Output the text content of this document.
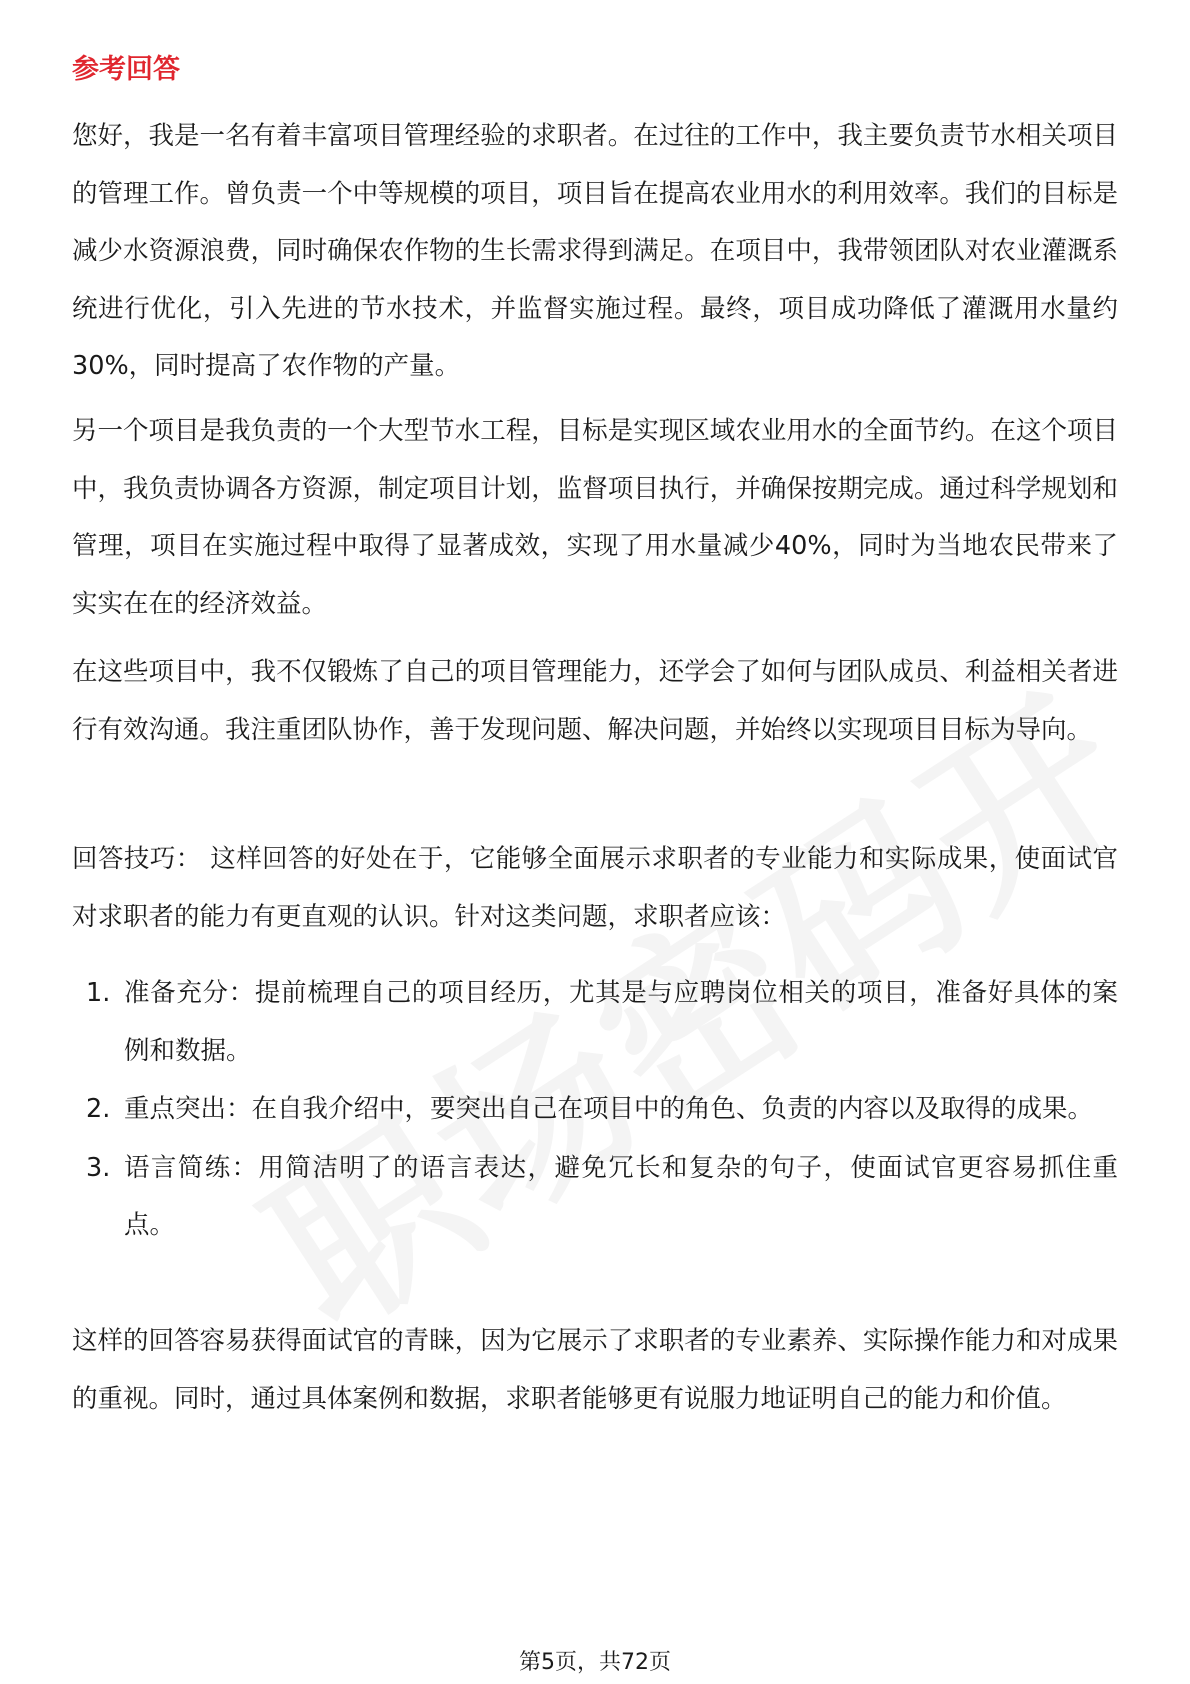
参考回答

您好，我是一名有着丰富项目管理经验的求职者。在过往的工作中，我主要负责节水相关项目的管理工作。曾负责一个中等规模的项目，项目旨在提高农业用水的利用效率。我们的目标是减少水资源浪费，同时确保农作物的生长需求得到满足。在项目中，我带领团队对农业灌溉系统进行优化，引入先进的节水技术，并监督实施过程。最终，项目成功降低了灌溉用水量约30%，同时提高了农作物的产量。

另一个项目是我负责的一个大型节水工程，目标是实现区域农业用水的全面节约。在这个项目中，我负责协调各方资源，制定项目计划，监督项目执行，并确保按期完成。通过科学规划和管理，项目在实施过程中取得了显著成效，实现了用水量减少40%，同时为当地农民带来了实实在在的经济效益。

在这些项目中，我不仅锻炼了自己的项目管理能力，还学会了如何与团队成员、利益相关者进行有效沟通。我注重团队协作，善于发现问题、解决问题，并始终以实现项目目标为导向。

回答技巧： 这样回答的好处在于，它能够全面展示求职者的专业能力和实际成果，使面试官对求职者的能力有更直观的认识。针对这类问题，求职者应该：

1. 准备充分：提前梳理自己的项目经历，尤其是与应聘岗位相关的项目，准备好具体的案例和数据。
2. 重点突出：在自我介绍中，要突出自己在项目中的角色、负责的内容以及取得的成果。
3. 语言简练：用简洁明了的语言表达，避免冗长和复杂的句子，使面试官更容易抓住重点。

这样的回答容易获得面试官的青睐，因为它展示了求职者的专业素养、实际操作能力和对成果的重视。同时，通过具体案例和数据，求职者能够更有说服力地证明自己的能力和价值。

第5页，共72页
